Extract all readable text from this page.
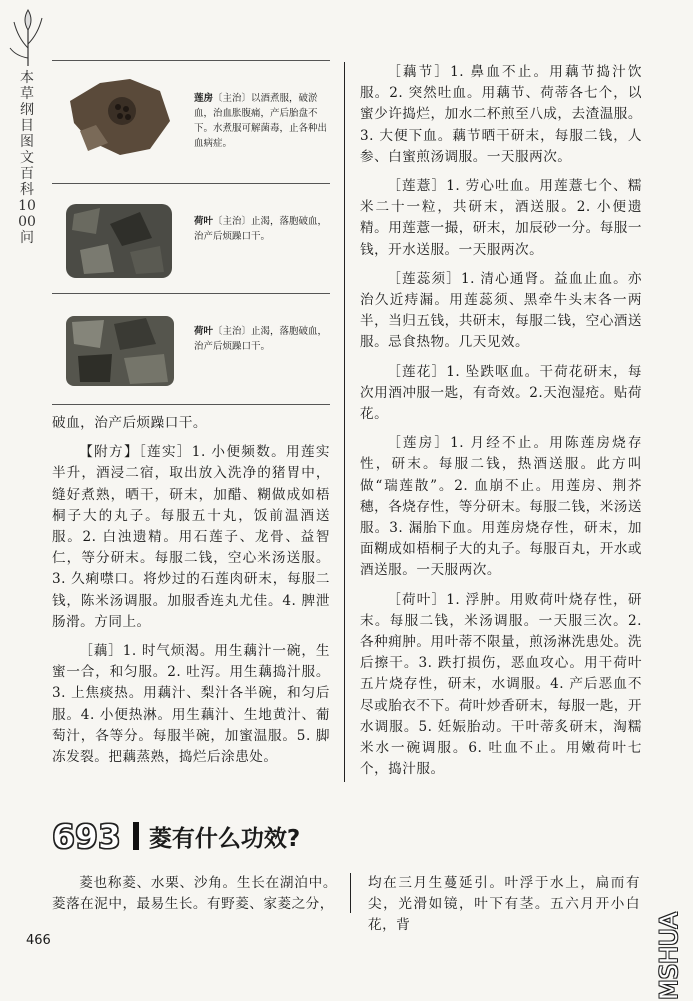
本草纲目图文百科1000问
莲房〔主治〕以酒煮服，破淤血，治血胀腹痛，产后胎盘不下。水煮服可解菌毒，止各种出血病症。
荷叶〔主治〕止渴，落胞破血，治产后烦躁口干。
荷叶〔主治〕止渴，落胞破血，治产后烦躁口干。

破血，治产后烦躁口干。

【附方】［莲实］1. 小便频数。用莲实半升，酒浸二宿，取出放入洗净的猪胃中，缝好煮熟，晒干，研末，加醋、糊做成如梧桐子大的丸子。每服五十丸，饭前温酒送服。2. 白浊遗精。用石莲子、龙骨、益智仁，等分研末。每服二钱，空心米汤送服。3. 久痢噤口。将炒过的石莲肉研末，每服二钱，陈米汤调服。加服香连丸尤佳。4. 脾泄肠滑。方同上。

［藕］1. 时气烦渴。用生藕汁一碗，生蜜一合，和匀服。2. 吐泻。用生藕捣汁服。3. 上焦痰热。用藕汁、梨汁各半碗，和匀后服。4. 小便热淋。用生藕汁、生地黄汁、葡萄汁，各等分。每服半碗，加蜜温服。5. 脚冻发裂。把藕蒸熟，捣烂后涂患处。

［藕节］1. 鼻血不止。用藕节捣汁饮服。2. 突然吐血。用藕节、荷蒂各七个，以蜜少许捣烂，加水二杯煎至八成，去渣温服。3. 大便下血。藕节晒干研末，每服二钱，人参、白蜜煎汤调服。一天服两次。

［莲薏］1. 劳心吐血。用莲薏七个、糯米二十一粒，共研末，酒送服。2. 小便遗精。用莲薏一撮，研末，加辰砂一分。每服一钱，开水送服。一天服两次。

［莲蕊须］1. 清心通肾。益血止血。亦治久近痔漏。用莲蕊须、黑牵牛头末各一两半，当归五钱，共研末，每服二钱，空心酒送服。忌食热物。几天见效。

［莲花］1. 坠跌呕血。干荷花研末，每次用酒冲服一匙，有奇效。2.天泡湿疮。贴荷花。

［莲房］1. 月经不止。用陈莲房烧存性，研末。每服二钱，热酒送服。此方叫做“瑞莲散”。2. 血崩不止。用莲房、荆芥穗，各烧存性，等分研末。每服二钱，米汤送服。3. 漏胎下血。用莲房烧存性，研末，加面糊成如梧桐子大的丸子。每服百丸，开水或酒送服。一天服两次。

［荷叶］1. 浮肿。用败荷叶烧存性，研末。每服二钱，米汤调服。一天服三次。2. 各种痈肿。用叶蒂不限量，煎汤淋洗患处。洗后擦干。3. 跌打损伤，恶血攻心。用干荷叶五片烧存性，研末，水调服。4. 产后恶血不尽或胎衣不下。荷叶炒香研末，每服一匙，开水调服。5. 妊娠胎动。干叶蒂炙研末，淘糯米水一碗调服。6. 吐血不止。用嫩荷叶七个，捣汁服。

693 菱有什么功效?

菱也称菱、水栗、沙角。生长在湖泊中。菱落在泥中，最易生长。有野菱、家菱之分，

均在三月生蔓延引。叶浮于水上，扁而有尖，光滑如镜，叶下有茎。五六月开小白花，背

466	MSHUA
